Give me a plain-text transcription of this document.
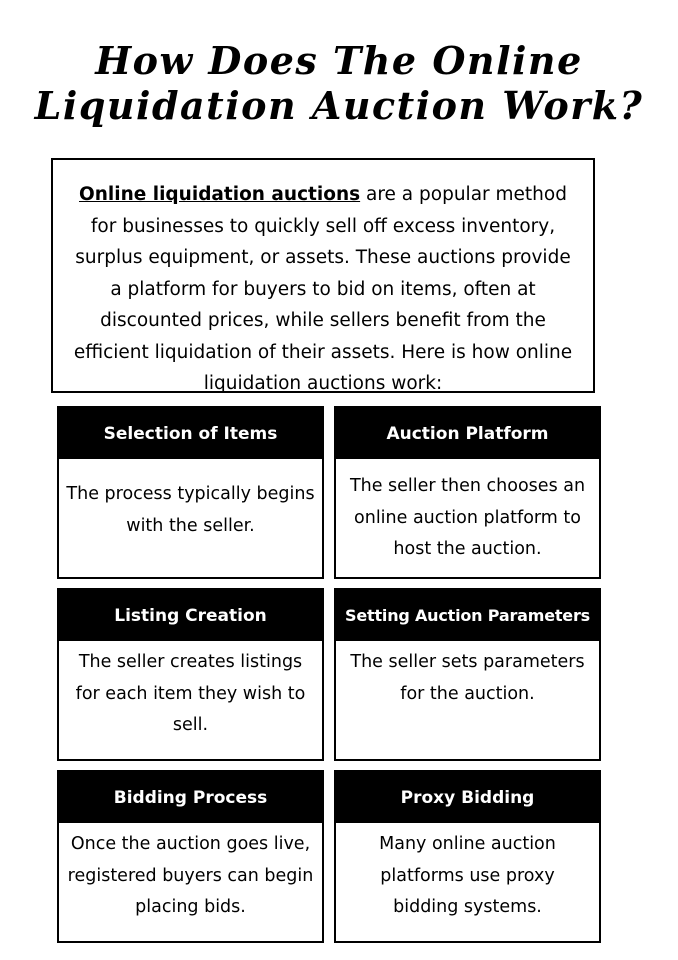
How Does The Online
Liquidation Auction Work?
Online liquidation auctions are a popular method for businesses to quickly sell off excess inventory, surplus equipment, or assets. These auctions provide a platform for buyers to bid on items, often at discounted prices, while sellers benefit from the efficient liquidation of their assets. Here is how online liquidation auctions work:
Selection of Items
The process typically begins with the seller.
Auction Platform
The seller then chooses an online auction platform to host the auction.
Listing Creation
The seller creates listings for each item they wish to sell.
Setting Auction Parameters
The seller sets parameters for the auction.
Bidding Process
Once the auction goes live, registered buyers can begin placing bids.
Proxy Bidding
Many online auction platforms use proxy bidding systems.
